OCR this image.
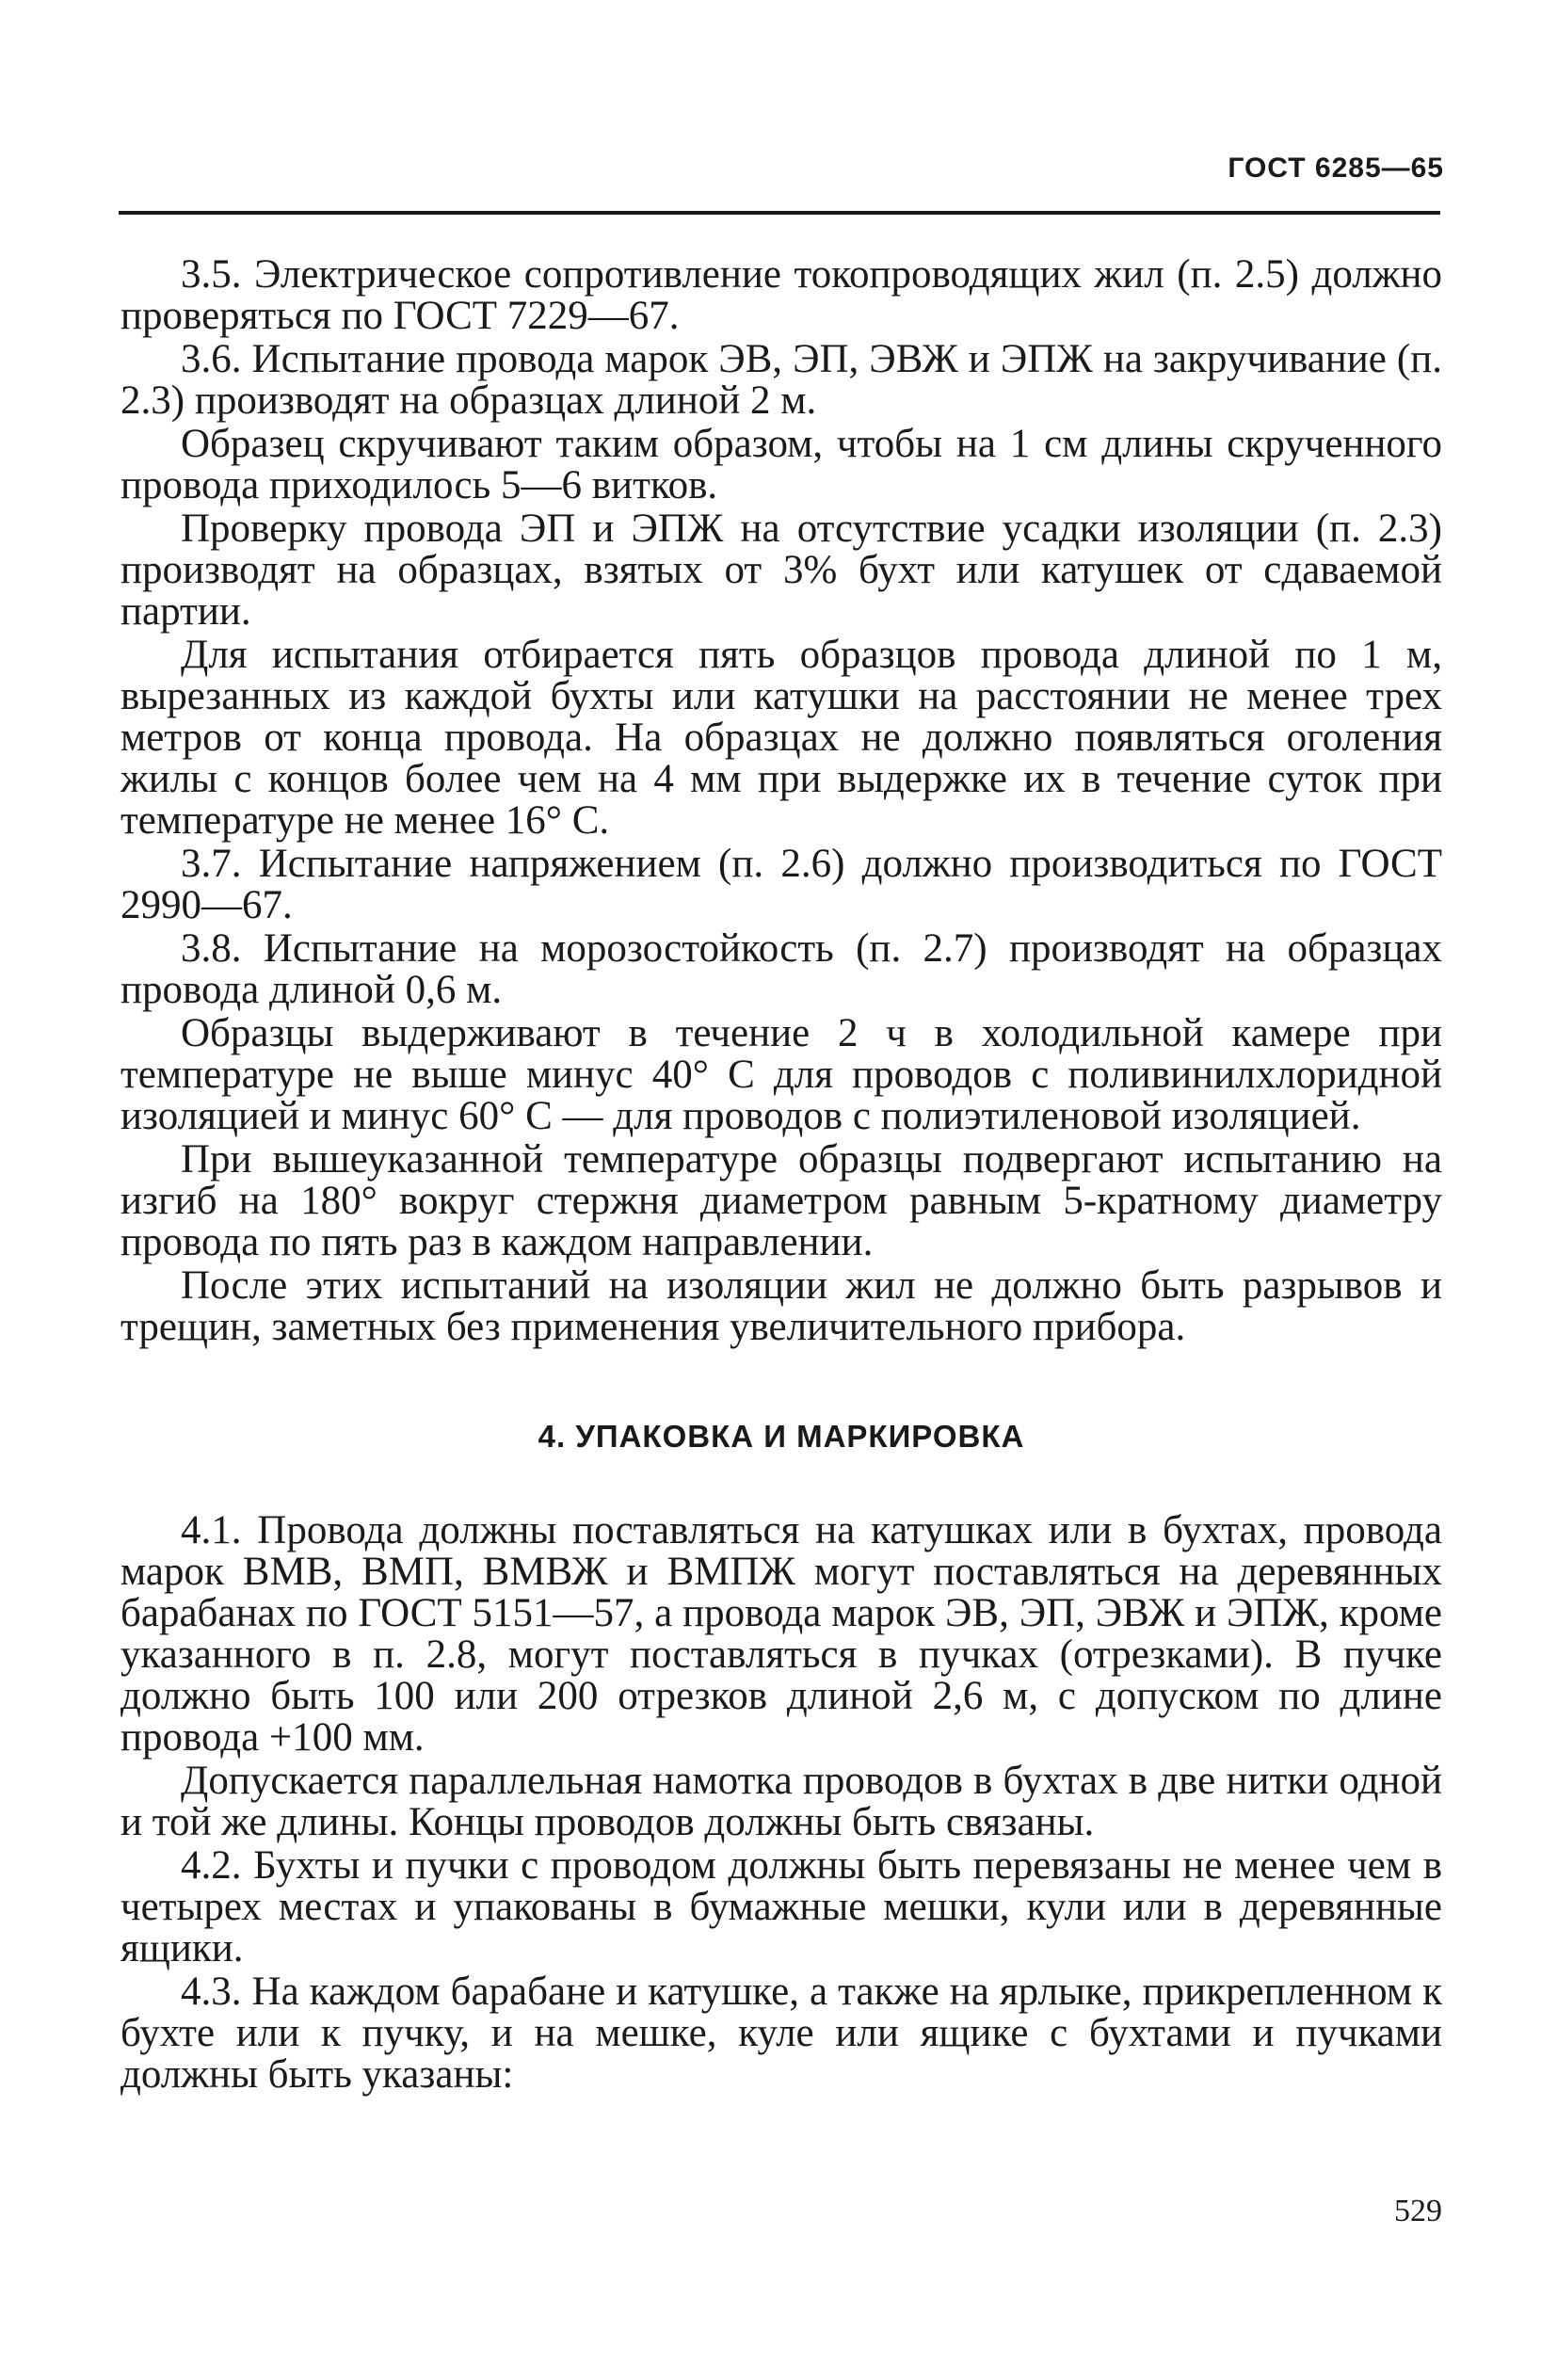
ГОСТ 6285—65

3.5. Электрическое сопротивление токопроводящих жил (п. 2.5) должно проверяться по ГОСТ 7229—67.

3.6. Испытание провода марок ЭВ, ЭП, ЭВЖ и ЭПЖ на закручивание (п. 2.3) производят на образцах длиной 2 м.

Образец скручивают таким образом, чтобы на 1 см длины скрученного провода приходилось 5—6 витков.

Проверку провода ЭП и ЭПЖ на отсутствие усадки изоляции (п. 2.3) производят на образцах, взятых от 3% бухт или катушек от сдаваемой партии.

Для испытания отбирается пять образцов провода длиной по 1 м, вырезанных из каждой бухты или катушки на расстоянии не менее трех метров от конца провода. На образцах не должно появляться оголения жилы с концов более чем на 4 мм при выдержке их в течение суток при температуре не менее 16° С.

3.7. Испытание напряжением (п. 2.6) должно производиться по ГОСТ 2990—67.

3.8. Испытание на морозостойкость (п. 2.7) производят на образцах провода длиной 0,6 м.

Образцы выдерживают в течение 2 ч в холодильной камере при температуре не выше минус 40° С для проводов с поливинилхлоридной изоляцией и минус 60° С — для проводов с полиэтиленовой изоляцией.

При вышеуказанной температуре образцы подвергают испытанию на изгиб на 180° вокруг стержня диаметром равным 5-кратному диаметру провода по пять раз в каждом направлении.

После этих испытаний на изоляции жил не должно быть разрывов и трещин, заметных без применения увеличительного прибора.

4. УПАКОВКА И МАРКИРОВКА

4.1. Провода должны поставляться на катушках или в бухтах, провода марок ВМВ, ВМП, ВМВЖ и ВМПЖ могут поставляться на деревянных барабанах по ГОСТ 5151—57, а провода марок ЭВ, ЭП, ЭВЖ и ЭПЖ, кроме указанного в п. 2.8, могут поставляться в пучках (отрезками). В пучке должно быть 100 или 200 отрезков длиной 2,6 м, с допуском по длине провода +100 мм.

Допускается параллельная намотка проводов в бухтах в две нитки одной и той же длины. Концы проводов должны быть связаны.

4.2. Бухты и пучки с проводом должны быть перевязаны не менее чем в четырех местах и упакованы в бумажные мешки, кули или в деревянные ящики.

4.3. На каждом барабане и катушке, а также на ярлыке, прикрепленном к бухте или к пучку, и на мешке, куле или ящике с бухтами и пучками должны быть указаны:

529
